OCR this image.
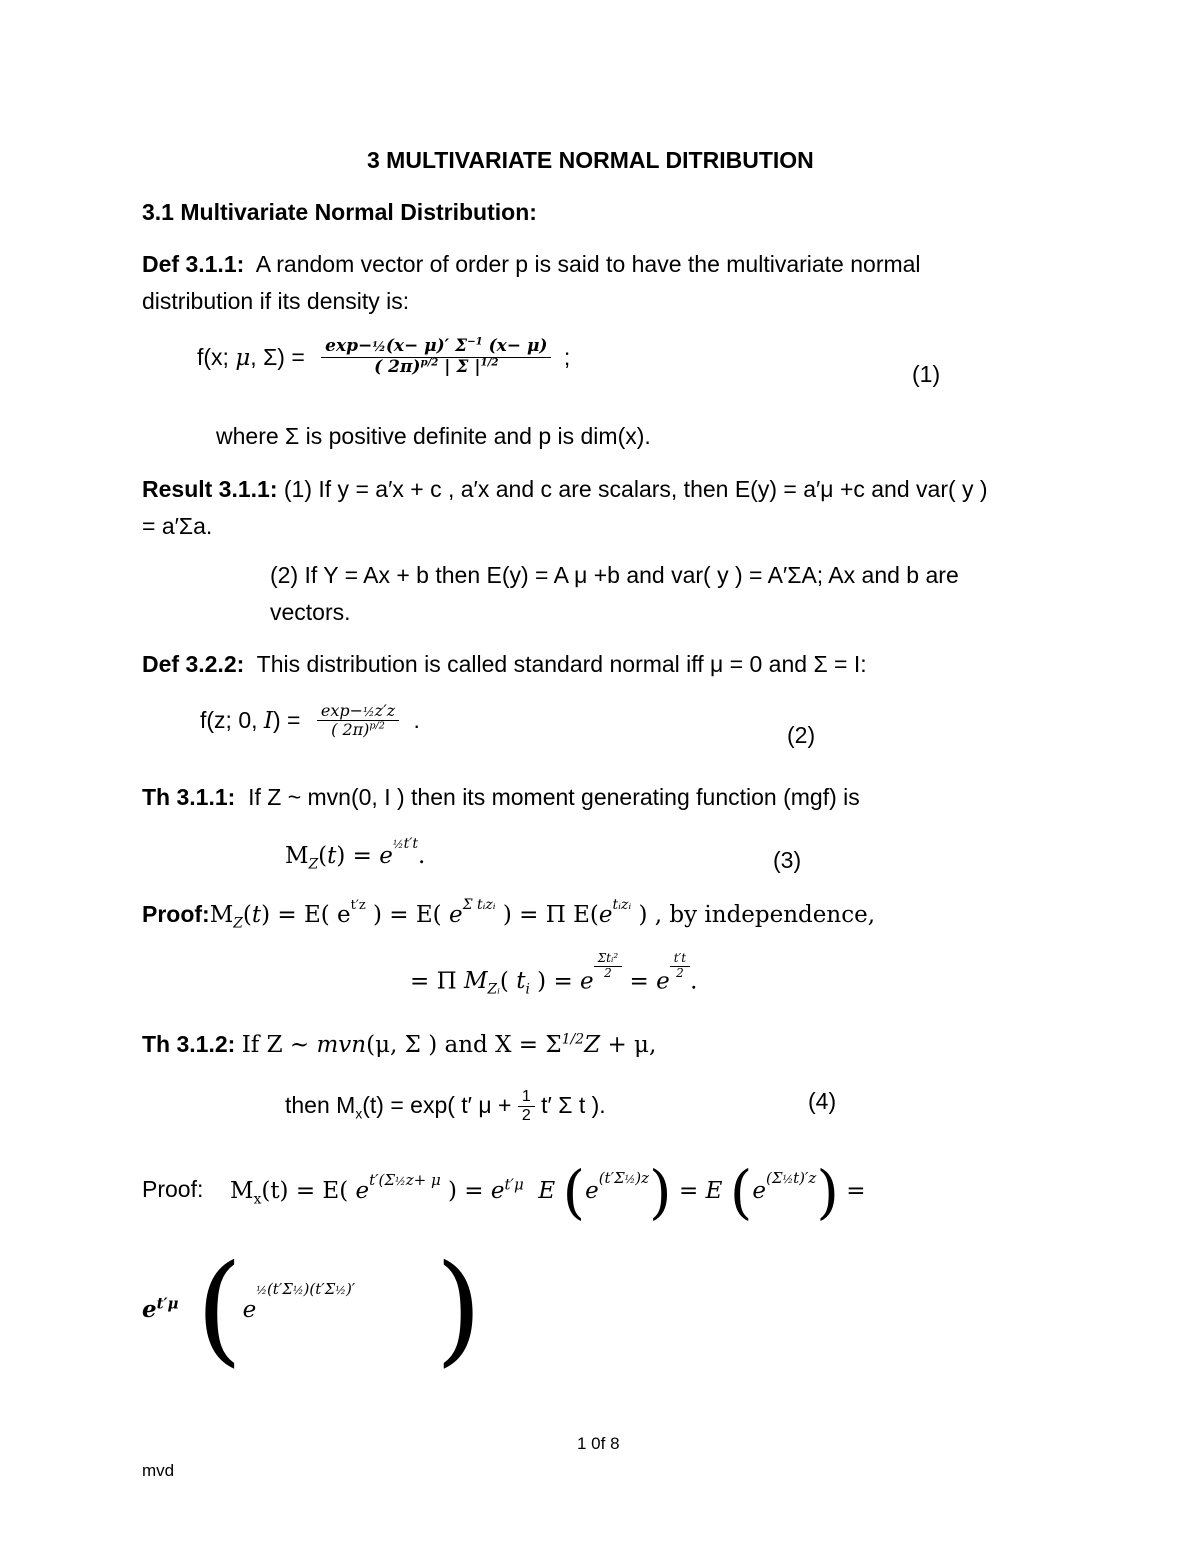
3 MULTIVARIATE NORMAL DITRIBUTION
3.1 Multivariate Normal Distribution:
Def 3.1.1: A random vector of order p is said to have the multivariate normal
distribution if its density is:
f(x; μ, $\Sigma) = \frac{\exp-\frac{1}{2}(x- \mu)' \Sigma^{-1} (x- \mu)}{( 2\pi)^{p/2} | \Sigma |^{1/2}}$ ;
(1)
where Σ is positive definite and p is dim(x).
Result 3.1.1: (1) If y = a′x + c , a′x and c are scalars, then E(y) = a′μ +c and var( y )
= a′Σa.
(2) If Y = Ax + b then E(y) = A μ +b and var( y ) = A′ΣA; Ax and b are
vectors.
Def 3.2.2: This distribution is called standard normal iff μ = 0 and Σ = I:
f(z; 0, $I) = \frac{\text{exp−½z′z}}{( 2\pi)^{p/2}}$ .
(2)
Th 3.1.1: If Z ~ mvn(0, I ) then its moment generating function (mgf) is
$M_Z(t) = e^{\frac{1}{2}t't}$.	(3)
$Proof:M_Z(t) = E$( $e^{t'z}$ ) = E( $e^{\Sigma tᵢzᵢ}$ ) = Π $E(e^{tᵢzᵢ}$ ) , by independence,
= Π $M_{Zᵢ}$( $t_i$ ) = e
$\frac{\text{Σtᵢ²}}{2}$
= e
$\frac{t't}{2}$
.
Th 3.1.2: If Z ~ mvn(μ, Σ ) and $X = \Sigma^{1/2}Z + \mu$,
then $M_x(t) = \exp$( t′ $\mu + \frac{1}{2} t'$ Σ t ).	(4)
Proof: $M_x(t) = E$( $e^{t'(\Sigma\frac{1}{2}z+ \mu}$ ) = $e^{t'\mu}$ E $(e^{(t'\Sigma\frac{1}{2})z}) = E$ $(e^{(\Sigma\frac{1}{2}t)'z})$ =
$e^{t'\mu}$ ($e^{\frac{1}{2}(t'\Sigma\frac{1}{2})(t'\Sigma\frac{1}{2})'}$ )
1 0f 8
mvd
